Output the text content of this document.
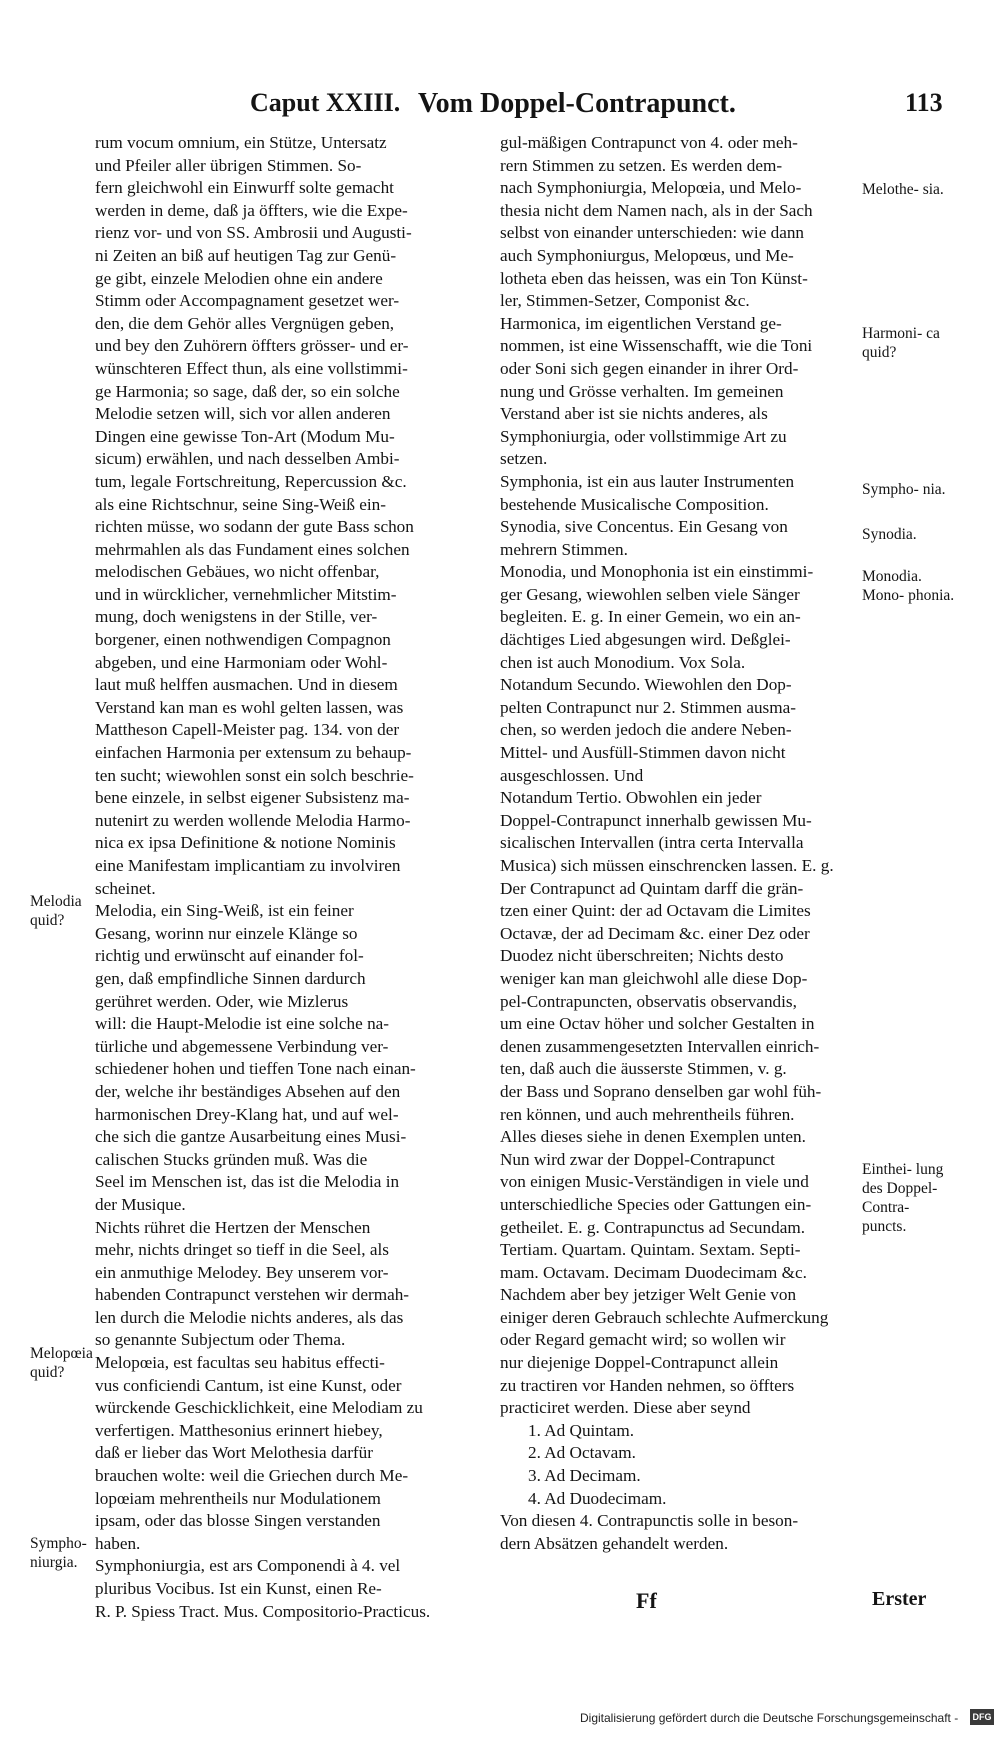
Caput XXIII. Vom Doppel-Contrapunct.	113
rum vocum omnium, ein Stütze, Untersatz
und Pfeiler aller übrigen Stimmen. So-
fern gleichwohl ein Einwurff solte gemacht
werden in deme, daß ja öffters, wie die Expe-
rienz vor- und von SS. Ambrosii und Augusti-
ni Zeiten an biß auf heutigen Tag zur Genü-
ge gibt, einzele Melodien ohne ein andere
Stimm oder Accompagnament gesetzet wer-
den, die dem Gehör alles Vergnügen geben,
und bey den Zuhörern öffters grösser- und er-
wünschteren Effect thun, als eine vollstimmi-
ge Harmonia; so sage, daß der, so ein solche
Melodie setzen will, sich vor allen anderen
Dingen eine gewisse Ton-Art (Modum Mu-
sicum) erwählen, und nach desselben Ambi-
tum, legale Fortschreitung, Repercussion &c.
als eine Richtschnur, seine Sing-Weiß ein-
richten müsse, wo sodann der gute Bass schon
mehrmahlen als das Fundament eines solchen
melodischen Gebäues, wo nicht offenbar,
und in würcklicher, vernehmlicher Mitstim-
mung, doch wenigstens in der Stille, ver-
borgener, einen nothwendigen Compagnon
abgeben, und eine Harmoniam oder Wohl-
laut muß helffen ausmachen. Und in diesem
Verstand kan man es wohl gelten lassen, was
Mattheson Capell-Meister pag. 134. von der
einfachen Harmonia per extensum zu behaup-
ten sucht; wiewohlen sonst ein solch beschrie-
bene einzele, in selbst eigener Subsistenz ma-
nutenirt zu werden wollende Melodia Harmo-
nica ex ipsa Definitione & notione Nominis
eine Manifestam implicantiam zu involviren
scheinet.
Melodia, ein Sing-Weiß, ist ein feiner
Gesang, worinn nur einzele Klänge so
richtig und erwünscht auf einander fol-
gen, daß empfindliche Sinnen dardurch
gerühret werden. Oder, wie Mizlerus
will: die Haupt-Melodie ist eine solche na-
türliche und abgemessene Verbindung ver-
schiedener hohen und tieffen Tone nach einan-
der, welche ihr beständiges Absehen auf den
harmonischen Drey-Klang hat, und auf wel-
che sich die gantze Ausarbeitung eines Musi-
calischen Stucks gründen muß. Was die
Seel im Menschen ist, das ist die Melodia in
der Musique.
Nichts rühret die Hertzen der Menschen
mehr, nichts dringet so tieff in die Seel, als
ein anmuthige Melodey. Bey unserem vor-
habenden Contrapunct verstehen wir dermah-
len durch die Melodie nichts anderes, als das
so genannte Subjectum oder Thema.
Melopœia, est facultas seu habitus effecti-
vus conficiendi Cantum, ist eine Kunst, oder
würckende Geschicklichkeit, eine Melodiam zu
verfertigen. Matthesonius erinnert hiebey,
daß er lieber das Wort Melothesia darfür
brauchen wolte: weil die Griechen durch Me-
lopœiam mehrentheils nur Modulationem
ipsam, oder das blosse Singen verstanden
haben.
Symphoniurgia, est ars Componendi à 4. vel
pluribus Vocibus. Ist ein Kunst, einen Re-
R. P. Spiess Tract. Mus. Compositorio-Practicus.
gul-mäßigen Contrapunct von 4. oder meh-
rern Stimmen zu setzen. Es werden dem-
nach Symphoniurgia, Melopœia, und Melo-
thesia nicht dem Namen nach, als in der Sach
selbst von einander unterschieden: wie dann
auch Symphoniurgus, Melopœus, und Me-
lotheta eben das heissen, was ein Ton Künst-
ler, Stimmen-Setzer, Componist &c.
Harmonica, im eigentlichen Verstand ge-
nommen, ist eine Wissenschafft, wie die Toni
oder Soni sich gegen einander in ihrer Ord-
nung und Grösse verhalten. Im gemeinen
Verstand aber ist sie nichts anderes, als
Symphoniurgia, oder vollstimmige Art zu
setzen.
Symphonia, ist ein aus lauter Instrumenten
bestehende Musicalische Composition.
Synodia, sive Concentus. Ein Gesang von
mehrern Stimmen.
Monodia, und Monophonia ist ein einstimmi-
ger Gesang, wiewohlen selben viele Sänger
begleiten. E. g. In einer Gemein, wo ein an-
dächtiges Lied abgesungen wird. Deßglei-
chen ist auch Monodium. Vox Sola.
Notandum Secundo. Wiewohlen den Dop-
pelten Contrapunct nur 2. Stimmen ausma-
chen, so werden jedoch die andere Neben-
Mittel- und Ausfüll-Stimmen davon nicht
ausgeschlossen. Und
Notandum Tertio. Obwohlen ein jeder
Doppel-Contrapunct innerhalb gewissen Mu-
sicalischen Intervallen (intra certa Intervalla
Musica) sich müssen einschrencken lassen. E. g.
Der Contrapunct ad Quintam darff die grän-
tzen einer Quint: der ad Octavam die Limites
Octavæ, der ad Decimam &c. einer Dez oder
Duodez nicht überschreiten; Nichts desto
weniger kan man gleichwohl alle diese Dop-
pel-Contrapuncten, observatis observandis,
um eine Octav höher und solcher Gestalten in
denen zusammengesetzten Intervallen einrich-
ten, daß auch die äusserste Stimmen, v. g.
der Bass und Soprano denselben gar wohl füh-
ren können, und auch mehrentheils führen.
Alles dieses siehe in denen Exemplen unten.
Nun wird zwar der Doppel-Contrapunct
von einigen Music-Verständigen in viele und
unterschiedliche Species oder Gattungen ein-
getheilet. E. g. Contrapunctus ad Secundam.
Tertiam. Quartam. Quintam. Sextam. Septi-
mam. Octavam. Decimam Duodecimam &c.
Nachdem aber bey jetziger Welt Genie von
einiger deren Gebrauch schlechte Aufmerckung
oder Regard gemacht wird; so wollen wir
nur diejenige Doppel-Contrapunct allein
zu tractiren vor Handen nehmen, so öffters
practiciret werden. Diese aber seynd
1. Ad Quintam.
2. Ad Octavam.
3. Ad Decimam.
4. Ad Duodecimam.
Von diesen 4. Contrapunctis solle in beson-
dern Absätzen gehandelt werden.
Melodia quid?
Melopœia quid?
Sympho- niurgia.
Melothe- sia.
Harmoni- ca quid?
Sympho- nia.
Synodia.
Monodia. Mono- phonia.
Einthei- lung des Doppel- Contra- puncts.
Ff	Erster
Digitalisierung gefördert durch die Deutsche Forschungsgemeinschaft - DFG
